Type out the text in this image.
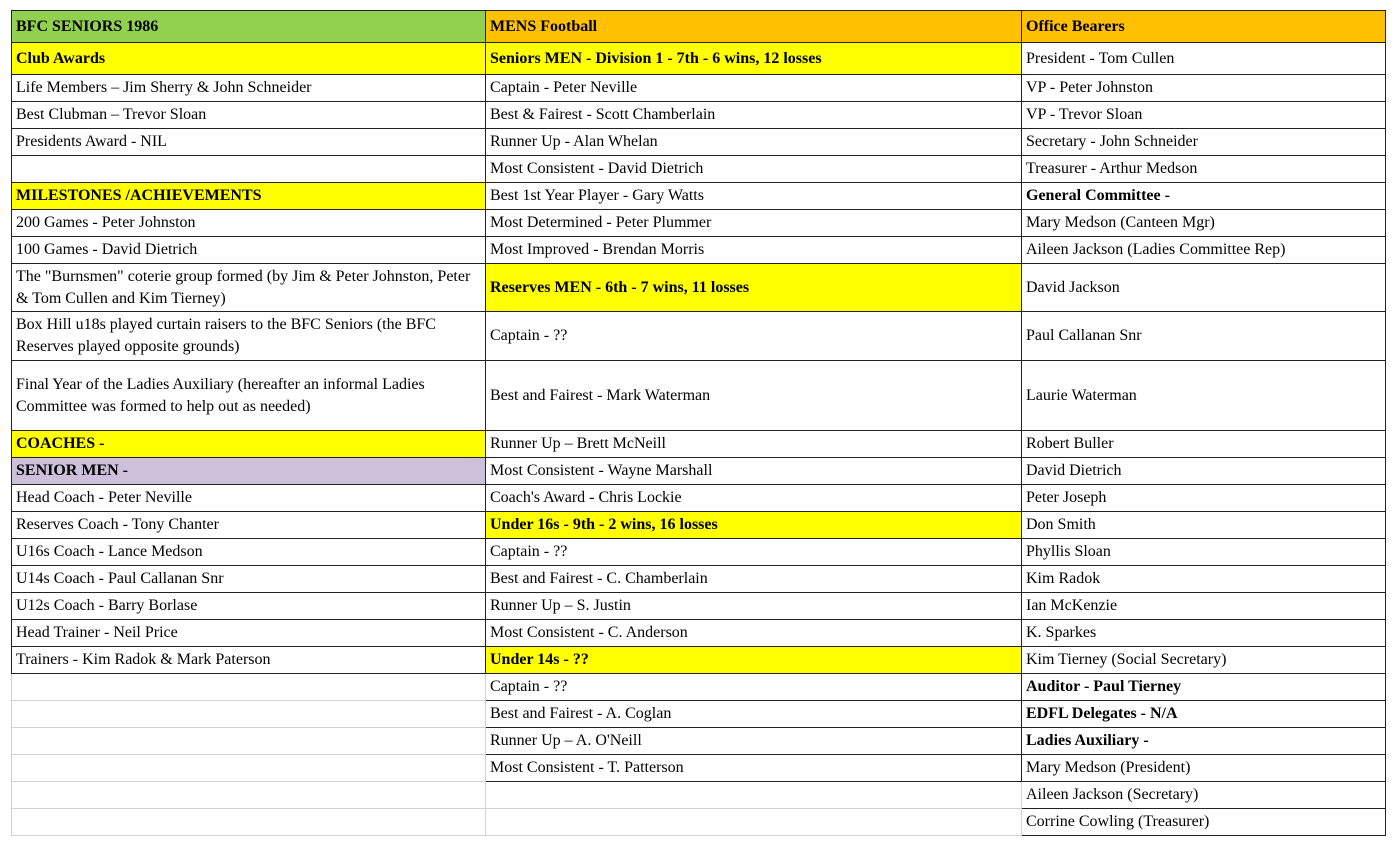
BFC SENIORS 1986	MENS Football	Office Bearers
Club Awards	Seniors MEN - Division 1 - 7th - 6 wins, 12 losses	President - Tom Cullen
Life Members – Jim Sherry & John Schneider	Captain - Peter Neville	VP - Peter Johnston
Best Clubman – Trevor Sloan	Best & Fairest - Scott Chamberlain	VP - Trevor Sloan
Presidents Award - NIL	Runner Up - Alan Whelan	Secretary - John Schneider
	Most Consistent - David Dietrich	Treasurer - Arthur Medson
MILESTONES /ACHIEVEMENTS	Best 1st Year Player - Gary Watts	General Committee -
200 Games - Peter Johnston	Most Determined - Peter Plummer	Mary Medson (Canteen Mgr)
100 Games - David Dietrich	Most Improved - Brendan Morris	Aileen Jackson (Ladies Committee Rep)
The "Burnsmen" coterie group formed (by Jim & Peter Johnston, Peter & Tom Cullen and Kim Tierney)	Reserves MEN - 6th - 7 wins, 11 losses	David Jackson
Box Hill u18s played curtain raisers to the BFC Seniors (the BFC Reserves played opposite grounds)	Captain - ??	Paul Callanan Snr
Final Year of the Ladies Auxiliary (hereafter an informal Ladies Committee was formed to help out as needed)	Best and Fairest - Mark Waterman	Laurie Waterman
COACHES -	Runner Up – Brett McNeill	Robert Buller
SENIOR MEN -	Most Consistent - Wayne Marshall	David Dietrich
Head Coach - Peter Neville	Coach's Award - Chris Lockie	Peter Joseph
Reserves Coach - Tony Chanter	Under 16s - 9th - 2 wins, 16 losses	Don Smith
U16s Coach - Lance Medson	Captain - ??	Phyllis Sloan
U14s Coach - Paul Callanan Snr	Best and Fairest - C. Chamberlain	Kim Radok
U12s Coach - Barry Borlase	Runner Up – S. Justin	Ian McKenzie
Head Trainer - Neil Price	Most Consistent - C. Anderson	K. Sparkes
Trainers - Kim Radok & Mark Paterson	Under 14s - ??	Kim Tierney (Social Secretary)
	Captain - ??	Auditor - Paul Tierney
	Best and Fairest - A. Coglan	EDFL Delegates - N/A
	Runner Up – A. O'Neill	Ladies Auxiliary -
	Most Consistent - T. Patterson	Mary Medson (President)
		Aileen Jackson (Secretary)
		Corrine Cowling (Treasurer)
